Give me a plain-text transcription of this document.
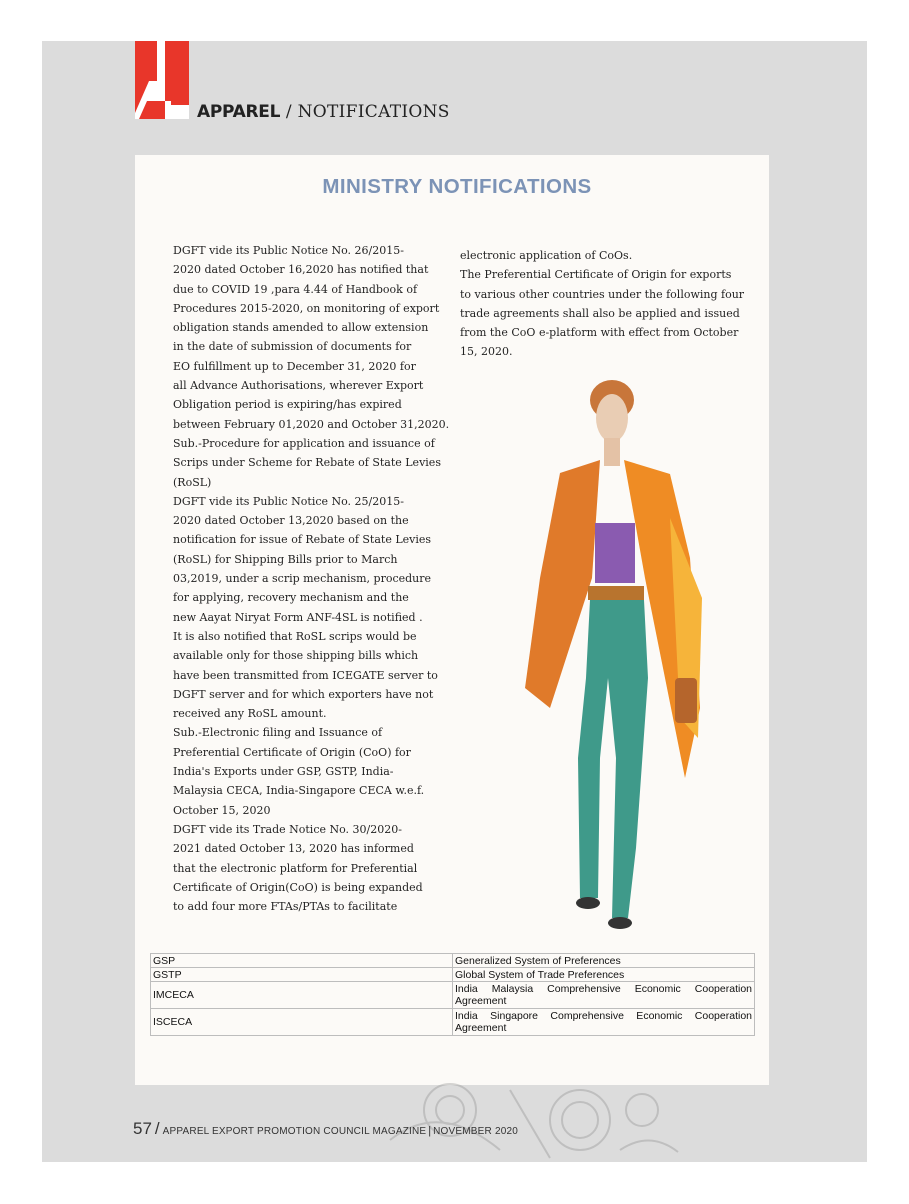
APPAREL / NOTIFICATIONS
MINISTRY NOTIFICATIONS

DGFT vide its Public Notice No. 26/2015-

2020 dated October 16,2020 has notified that

due to COVID 19 ,para 4.44 of Handbook of

Procedures 2015-2020, on monitoring of export

obligation stands amended to allow extension

in the date of submission of documents for

EO fulfillment up to December 31, 2020 for

all Advance Authorisations, wherever Export

Obligation period is expiring/has expired

between February 01,2020 and October 31,2020.

Sub.-Procedure for application and issuance of

Scrips under Scheme for Rebate of State Levies

(RoSL)

DGFT vide its Public Notice No. 25/2015-

2020 dated October 13,2020 based on the

notification for issue of Rebate of State Levies

(RoSL) for Shipping Bills prior to March

03,2019, under a scrip mechanism, procedure

for applying, recovery mechanism and the

new Aayat Niryat Form ANF-4SL is notified .

It is also notified that RoSL scrips would be

available only for those shipping bills which

have been transmitted from ICEGATE server to

DGFT server and for which exporters have not

received any RoSL amount.

Sub.-Electronic filing and Issuance of

Preferential Certificate of Origin (CoO) for

India's Exports under GSP, GSTP, India-

Malaysia CECA, India-Singapore CECA w.e.f.

October 15, 2020

DGFT vide its Trade Notice No. 30/2020-

2021 dated October 13, 2020 has informed

that the electronic platform for Preferential

Certificate of Origin(CoO) is being expanded

to add four more FTAs/PTAs to facilitate

electronic application of CoOs.

The Preferential Certificate of Origin for exports

to various other countries under the following four

trade agreements shall also be applied and issued

from the CoO e-platform with effect from October

15, 2020.

GSP	Generalized System of Preferences
GSTP	Global System of Trade Preferences
IMCECA	India Malaysia Comprehensive Economic Cooperation Agreement
ISCECA	India Singapore Comprehensive Economic Cooperation Agreement
57 / APPAREL EXPORT PROMOTION COUNCIL MAGAZINE | NOVEMBER 2020
